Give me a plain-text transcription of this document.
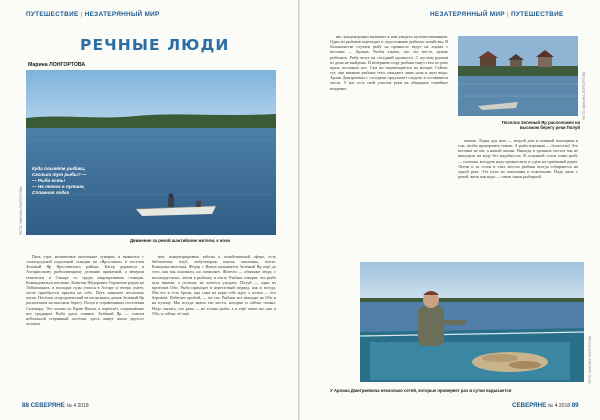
ПУТЕШЕСТВИЕ | НЕЗАТЕРЯННЫЙ МИР
РЕЧНЫЕ ЛЮДИ
Марина ЛОНГОРТОВА
Куда плывёте рыбаки,
Сколько тут рыбы? —
— Рыба есть!
— Не летом в путине,
Сплавная лодка
ФОТО: МАРИНА ЛОНГОРТОВА
Движение за рекой шантийские жители, к ночи

Пять утра, незаметные кисельные сумерки, и вымытые с сальгородской подсочной станции на «Ярославль» в поселок Зеленый Яр Ярославского района. Катер держится в Ахтарисскому рыболовецкому делению приватной, а вечером отметился в Самаре со среды квартирования станции. Командоваться местные. Капитан Фёдорович Терентьев родом на Лабытнангах, в молодые годы учился в Ахтаре и теперь умеет, легче приобрести крылья на себе. Путь занимает несколько часов. Посёлок огороднический из нескольких домов Зелёный Яр расположен на высоком берегу Полуя в справочниках поселения Салемард. Это холмы по Краю Ямала, в переплёт, сохранившие все традиции. Рыба здесь главное. Зелёный Яр — совсем небольшой старинный посёлок, здесь живут около двухсот человек.

ние, концентрировать заботы к хозяйственной сфере, есть библиотека, клуб, амбулатория, школа, магазины, почта. Коммунистическая, Фёдор с Ямала называется Зелёный Яр ещё до того, как мы основали, но позволяет. Жители — обычные люди, с восьмидесятых, летом в рыбалку и охоту. Рыбаки говорят, что рыба шла веками, а поэтому не хочется уходить. Полуй — один из притоков Оби. Рыба приходит в нерестовый период, как и всегда. Мы его в сеть брали, она сама на корм себе идет, а потом — его бережём. Набегает прибой, — не так. Рыбаки все выходят на Обь и на путину. Мы всегда знаем эти места, которые и сейчас полны. Надо сказать, что река — не только рыба, а и ещё такие же, как и Обь, и сейчас её ещё.

88 СЕВЕРЯНЕ № 4 2018
НЕЗАТЕРЯННЫЙ МИР | ПУТЕШЕСТВИЕ

ню, концентрации вызывает к нам увидеть путешественников. Один из рыбаков переходит к ледостоянию рыбного хозяйства. В большинстве случаев рыбу на промысле ведут на лодках с вёслами — Арлана. Чтобы узнать, что это место, нужно рыбачить. Рыбу везут на соседний промысел. С пустым руками из дома не выйдешь. В вечернюю пору рыбаки тянут сети по реке вдоль песчаных кос. Сам же перемещаются на моторе. Сейчас тут, они вязаные рыбные сети, ожидают лишь ночь и шум воды. Арлан Дмитриевич с соседями предлагает сходить в оставшиеся места. У нас есть свой участок реки на обширное семейное владение.	ФОТО: МАРИНА ЛОНГОРТОВА
Поселок Зеленый Яр расположен на высоком берегу реки Полуй

шекою. Лодка для него — второй дом и главный помощник в том, чтобы прокормить семью. А рыба коренная — богатство! Это вотчина не им, а нашей жизни. Никогда в здешних местах мы не выходили на воду без надобности. В основной сезон ловят рыбу — плотная, которую надо промыслить и сдать на приёмный пункт. Летом и за сезон в этих местах рыбаки всегда собираются на одной реке. Это пути из поколения к поколению. Надо жить с рекой, жить как надо — таков закон рыбацкий.

ФОТО: МАРИНА ЛОНГОРТОВА
У Арлана Дмитриевича несколько сетей, которые проверяет раз в сутки вздыхается
СЕВЕРЯНЕ № 4 2018 89
